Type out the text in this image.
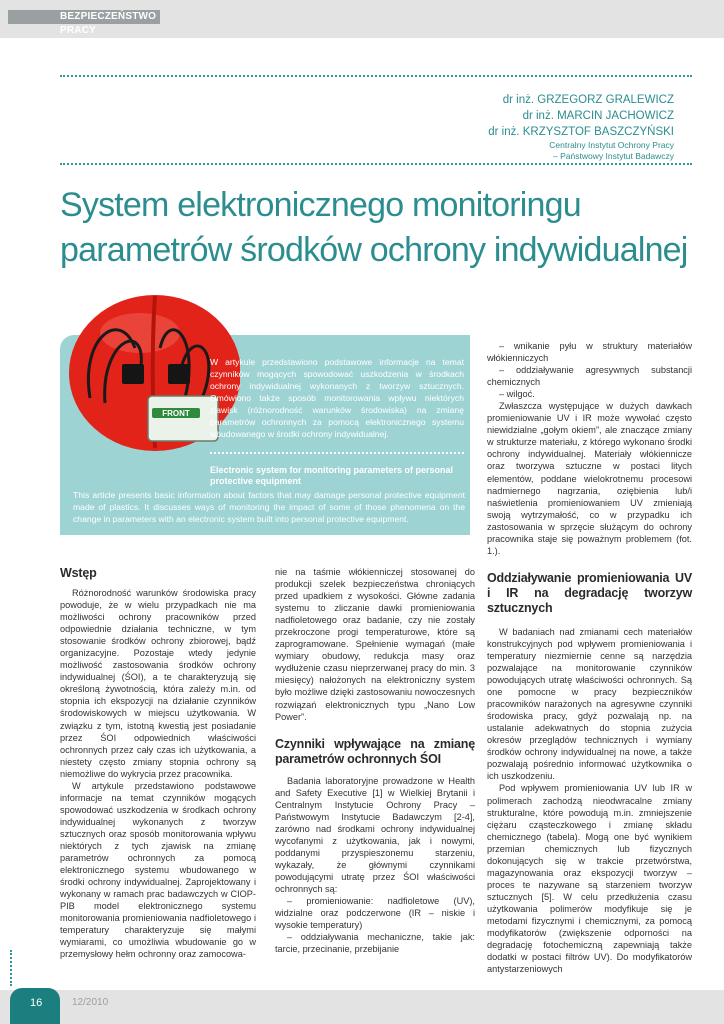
BEZPIECZEŃSTWO PRACY
dr inż. GRZEGORZ GRALEWICZ
dr inż. MARCIN JACHOWICZ
dr inż. KRZYSZTOF BASZCZYŃSKI
Centralny Instytut Ochrony Pracy
– Państwowy Instytut Badawczy
System elektronicznego monitoringu parametrów środków ochrony indywidualnej
FRONT
W artykule przedstawiono podstawowe informacje na temat czynników mogących spowodować uszkodzenia w środkach ochrony indywidualnej wykonanych z tworzyw sztucznych. Omówiono także sposób monitorowania wpływu niektórych zjawisk (różnorodność warunków środowiska) na zmianę parametrów ochronnych za pomocą elektronicznego systemu wbudowanego w środki ochrony indywidualnej.
Electronic system for monitoring parameters of personal protective equipment
This article presents basic information about factors that may damage personal protective equipment made of plastics. It discusses ways of monitoring the impact of some of those phenomena on the change in parameters with an electronic system built into personal protective equipment.
Wstęp

Różnorodność warunków środowiska pracy powoduje, że w wielu przypadkach nie ma możliwości ochrony pracowników przed odpowiednie działania techniczne, w tym stosowanie środków ochrony zbiorowej, bądź organizacyjne. Pozostaje wtedy jedynie możliwość zastosowania środków ochrony indywidualnej (ŚOI), a te charakteryzują się określoną żywotnością, która zależy m.in. od stopnia ich ekspozycji na działanie czynników środowiskowych w miejscu użytkowania. W związku z tym, istotną kwestią jest posiadanie przez ŚOI odpowiednich właściwości ochronnych przez cały czas ich użytkowania, a niestety często zmiany stopnia ochrony są niemożliwe do wykrycia przez pracownika.

W artykule przedstawiono podstawowe informacje na temat czynników mogących spowodować uszkodzenia w środkach ochrony indywidualnej wykonanych z tworzyw sztucznych oraz sposób monitorowania wpływu niektórych z tych zjawisk na zmianę parametrów ochronnych za pomocą elektronicznego systemu wbudowanego w środki ochrony indywidualnej. Zaprojektowany i wykonany w ramach prac badawczych w CIOP-PIB model elektronicznego systemu monitorowania promieniowania nadfioletowego i temperatury charakteryzuje się małymi wymiarami, co umożliwia wbudowanie go w przemysłowy hełm ochronny oraz zamocowa-

nie na taśmie włókienniczej stosowanej do produkcji szelek bezpieczeństwa chroniących przed upadkiem z wysokości. Główne zadania systemu to zliczanie dawki promieniowania nadfioletowego oraz badanie, czy nie zostały przekroczone progi temperaturowe, które są zaprogramowane. Spełnienie wymagań (małe wymiary obudowy, redukcja masy oraz wydłużenie czasu nieprzerwanej pracy do min. 3 miesięcy) nałożonych na elektroniczny system było możliwe dzięki zastosowaniu nowoczesnych rozwiązań elektronicznych typu „Nano Low Power”.

Czynniki wpływające na zmianę parametrów ochronnych ŚOI

Badania laboratoryjne prowadzone w Health and Safety Executive [1] w Wielkiej Brytanii i Centralnym Instytucie Ochrony Pracy – Państwowym Instytucie Badawczym [2-4], zarówno nad środkami ochrony indywidualnej wycofanymi z użytkowania, jak i nowymi, poddanymi przyspieszonemu starzeniu, wykazały, że głównymi czynnikami powodującymi utratę przez ŚOI właściwości ochronnych są:

– promieniowanie: nadfioletowe (UV), widzialne oraz podczerwone (IR – niskie i wysokie temperatury)

– oddziaływania mechaniczne, takie jak: tarcie, przecinanie, przebijanie

– wnikanie pyłu w struktury materiałów włókienniczych

– oddziaływanie agresywnych substancji chemicznych

– wilgoć.

Zwłaszcza występujące w dużych dawkach promieniowanie UV i IR może wywołać często niewidzialne „gołym okiem”, ale znaczące zmiany w strukturze materiału, z którego wykonano środki ochrony indywidualnej. Materiały włókiennicze oraz tworzywa sztuczne w postaci litych elementów, poddane wielokrotnemu procesowi nadmiernego nagrzania, oziębienia lub/i naświetlenia promieniowaniem UV zmieniają swoją wytrzymałość, co w przypadku ich zastosowania w sprzęcie służącym do ochrony pracownika staje się poważnym problemem (fot. 1.).

Oddziaływanie promieniowania UV i IR na degradację tworzyw sztucznych

W badaniach nad zmianami cech materiałów konstrukcyjnych pod wpływem promieniowania i temperatury niezmiernie cenne są narzędzia pozwalające na monitorowanie czynników powodujących utratę właściwości ochronnych. Są one pomocne w pracy bezpieczników pracowników narażonych na agresywne czynniki środowiska pracy, gdyż pozwalają np. na ustalanie adekwatnych do stopnia zużycia okresów przeglądów technicznych i wymiany środków ochrony indywidualnej na nowe, a także pozwalają pośrednio informować użytkownika o ich uszkodzeniu.

Pod wpływem promieniowania UV lub IR w polimerach zachodzą nieodwracalne zmiany strukturalne, które powodują m.in. zmniejszenie ciężaru cząsteczkowego i zmianę składu chemicznego (tabela). Mogą one być wynikiem przemian chemicznych lub fizycznych dokonujących się w trakcie przetwórstwa, magazynowania oraz ekspozycji tworzyw – proces te nazywane są starzeniem tworzyw sztucznych [5]. W celu przedłużenia czasu użytkowania polimerów modyfikuje się je metodami fizycznymi i chemicznymi, za pomocą modyfikatorów (zwiększenie odporności na degradację fotochemiczną zapewniają także dodatki w postaci filtrów UV). Do modyfikatorów antystarzeniowych

16	12/2010
